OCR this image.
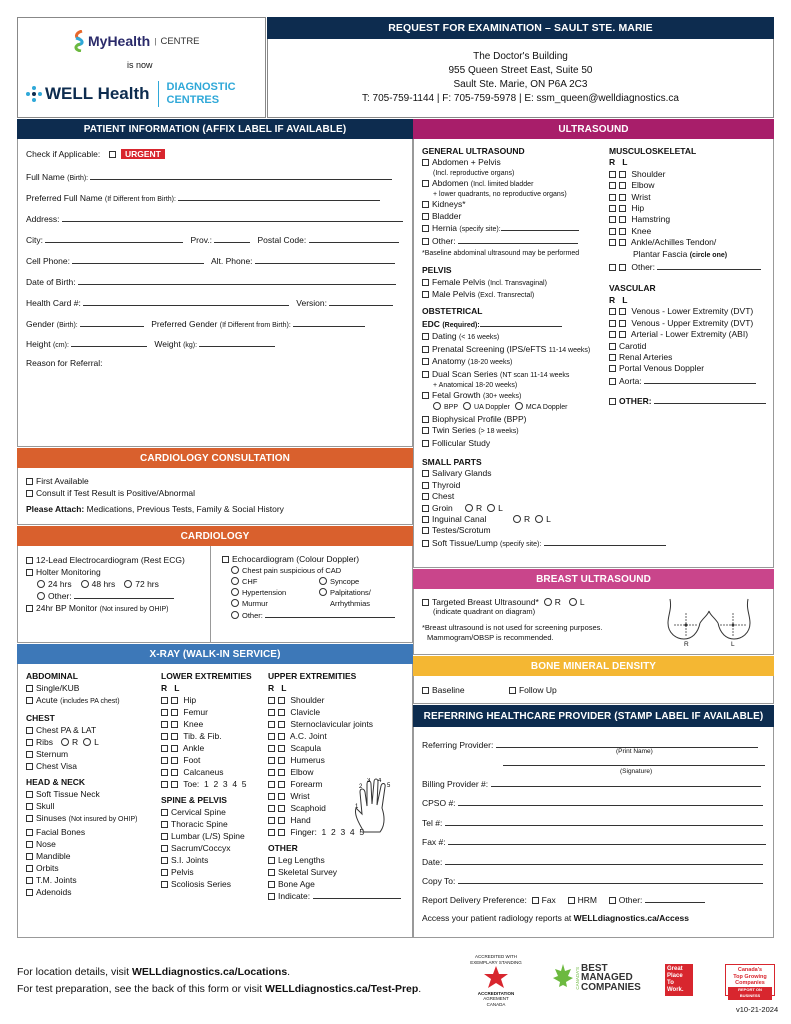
MyHealth | CENTRE
is now
WELL Health DIAGNOSTIC
CENTRES
REQUEST FOR EXAMINATION – SAULT STE. MARIE
The Doctor's Building
955 Queen Street East, Suite 50
Sault Ste. Marie, ON P6A 2C3
T: 705-759-1144 | F: 705-759-5978 | E: ssm_queen@welldiagnostics.ca
PATIENT INFORMATION (AFFIX LABEL IF AVAILABLE)
Check if Applicable:	URGENT
Full Name (Birth):
Preferred Full Name (If Different from Birth):
Address:
City:	Prov.:	Postal Code:
Cell Phone:	Alt. Phone:
Date of Birth:
Health Card #:	Version:
Gender (Birth):	Preferred Gender (If Different from Birth):
Height (cm):	Weight (kg):
Reason for Referral:
CARDIOLOGY CONSULTATION
First Available
Consult if Test Result is Positive/Abnormal
Please Attach: Medications, Previous Tests, Family & Social History
CARDIOLOGY
12-Lead Electrocardiogram (Rest ECG)
Holter Monitoring
24 hrs 48 hrs 72 hrs
Other:
24hr BP Monitor (Not insured by OHIP)
Echocardiogram (Colour Doppler)
Chest pain suspicious of CAD
CHF	Syncope
Hypertension	Palpitations/
Murmur	Arrhythmias
Other:
X-RAY (WALK-IN SERVICE)
ABDOMINAL
Single/KUB
Acute (includes PA chest)
CHEST
Chest PA & LAT
Ribs R L
Sternum
Chest Visa
HEAD & NECK
Soft Tissue Neck
Skull
Sinuses (Not insured by OHIP)
Facial Bones
Nose
Mandible
Orbits
T.M. Joints
Adenoids
LOWER EXTREMITIES
R   L
Hip
Femur
Knee
Tib. & Fib.
Ankle
Foot
Calcaneus
Toe:  1  2  3  4  5
SPINE & PELVIS
Cervical Spine
Thoracic Spine
Lumbar (L/S) Spine
Sacrum/Coccyx
S.I. Joints
Pelvis
Scoliosis Series
UPPER EXTREMITIES
R   L
Shoulder
Clavicle
Sternoclavicular joints
A.C. Joint
Scapula
Humerus
Elbow
Forearm
Wrist
Scaphoid
Hand
Finger:  1  2  3  4  5
OTHER
Leg Lengths
Skeletal Survey
Bone Age
Indicate:
1
2
3 4
5
ULTRASOUND
GENERAL ULTRASOUND
Abdomen + Pelvis
(Incl. reproductive organs)
Abdomen (Incl. limited bladder
+ lower quadrants, no reproductive organs)
Kidneys*
Bladder
Hernia (specify site):
Other:
*Baseline abdominal ultrasound may be performed
PELVIS
Female Pelvis (Incl. Transvaginal)
Male Pelvis (Excl. Transrectal)
OBSTETRICAL
EDC (Required):
Dating (< 16 weeks)
Prenatal Screening (IPS/eFTS 11-14 weeks)
Anatomy (18-20 weeks)
Dual Scan Series (NT scan 11-14 weeks
+ Anatomical 18-20 weeks)
Fetal Growth (30+ weeks)
BPP UA Doppler MCA Doppler
Biophysical Profile (BPP)
Twin Series (> 18 weeks)
Follicular Study
SMALL PARTS
Salivary Glands
Thyroid
Chest
Groin	R L
Inguinal Canal	R L
Testes/Scrotum
Soft Tissue/Lump (specify site):
MUSCULOSKELETAL
R   L
Shoulder
Elbow
Wrist
Hip
Hamstring
Knee
Ankle/Achilles Tendon/
Plantar Fascia (circle one)
Other:
VASCULAR
R   L
Venous - Lower Extremity (DVT)
Venous - Upper Extremity (DVT)
Arterial - Lower Extremity (ABI)
Carotid
Renal Arteries
Portal Venous Doppler
Aorta:
OTHER:
BREAST ULTRASOUND
Targeted Breast Ultrasound* R L
(indicate quadrant on diagram)
*Breast ultrasound is not used for screening purposes.
Mammogram/OBSP is recommended.
R	L
BONE MINERAL DENSITY
Baseline	Follow Up
REFERRING HEALTHCARE PROVIDER (STAMP LABEL IF AVAILABLE)
Referring Provider:
(Print Name)
(Signature)
Billing Provider #:
CPSO #:
Tel #:
Fax #:
Date:
Copy To:
Report Delivery Preference: Fax	HRM	Other:
Access your patient radiology reports at WELLdiagnostics.ca/Access
For location details, visit WELLdiagnostics.ca/Locations.
For test preparation, see the back of this form or visit WELLdiagnostics.ca/Test-Prep.
ACCREDITED WITH
EXEMPLARY STANDING
ACCREDITATION
AGREMENT
CANADA
CANADA'S BEST
MANAGED
COMPANIES
Great
Place
To
Work.
Canada's
Top Growing
Companies
REPORT ON BUSINESS
v10-21-2024
